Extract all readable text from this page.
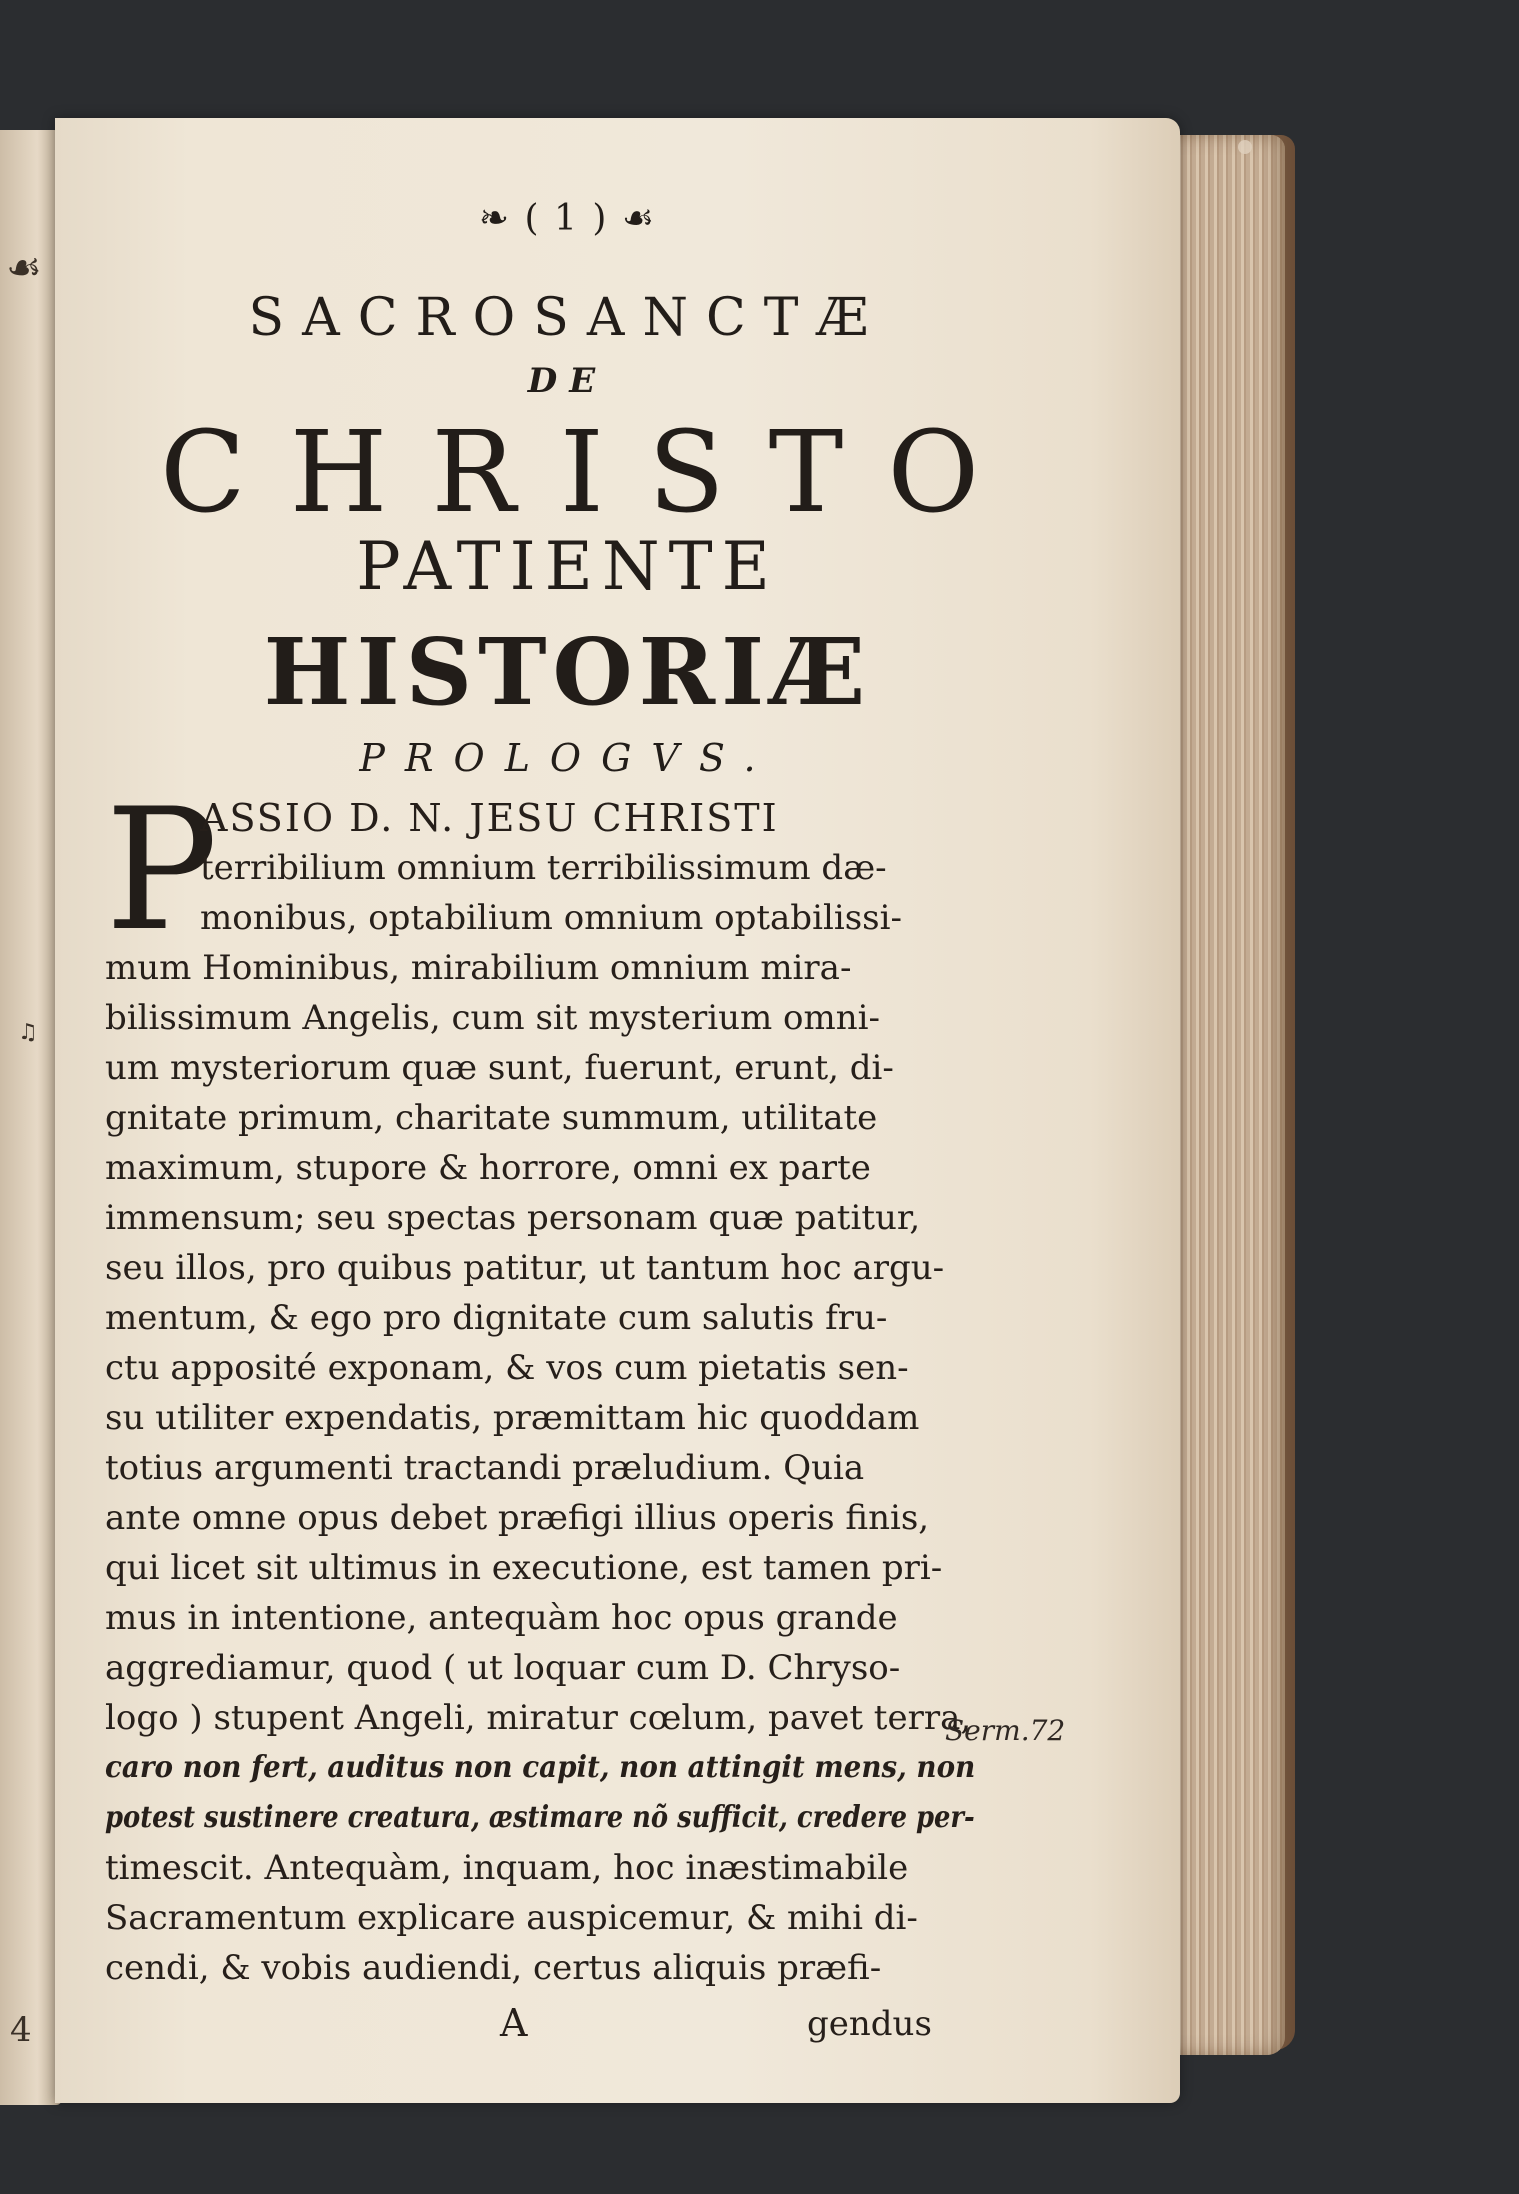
☙
♫
4
❧ ( 1 ) ☙
SACROSANCTÆ
DE
CHRISTO
PATIENTE
HISTORIÆ
PROLOGVS.
P
ASSIO D. N. JESU CHRISTI
terribilium omnium terribilissimum dæ-
monibus, optabilium omnium optabilissi-
mum Hominibus, mirabilium omnium mira-
bilissimum Angelis, cum sit mysterium omni-
um mysteriorum quæ sunt, fuerunt, erunt, di-
gnitate primum, charitate summum, utilitate
maximum, stupore & horrore, omni ex parte
immensum; seu spectas personam quæ patitur,
seu illos, pro quibus patitur, ut tantum hoc argu-
mentum, & ego pro dignitate cum salutis fru-
ctu apposité exponam, & vos cum pietatis sen-
su utiliter expendatis, præmittam hic quoddam
totius argumenti tractandi præludium. Quia
ante omne opus debet præfigi illius operis finis,
qui licet sit ultimus in executione, est tamen pri-
mus in intentione, antequàm hoc opus grande
aggrediamur, quod ( ut loquar cum D. Chryso-
logo ) stupent Angeli, miratur cœlum, pavet terra,
caro non fert, auditus non capit, non attingit mens, non
potest sustinere creatura, æstimare nõ sufficit, credere per-
timescit. Antequàm, inquam, hoc inæstimabile
Sacramentum explicare auspicemur, & mihi di-
cendi, & vobis audiendi, certus aliquis præfi-
Serm.72
A	gendus
